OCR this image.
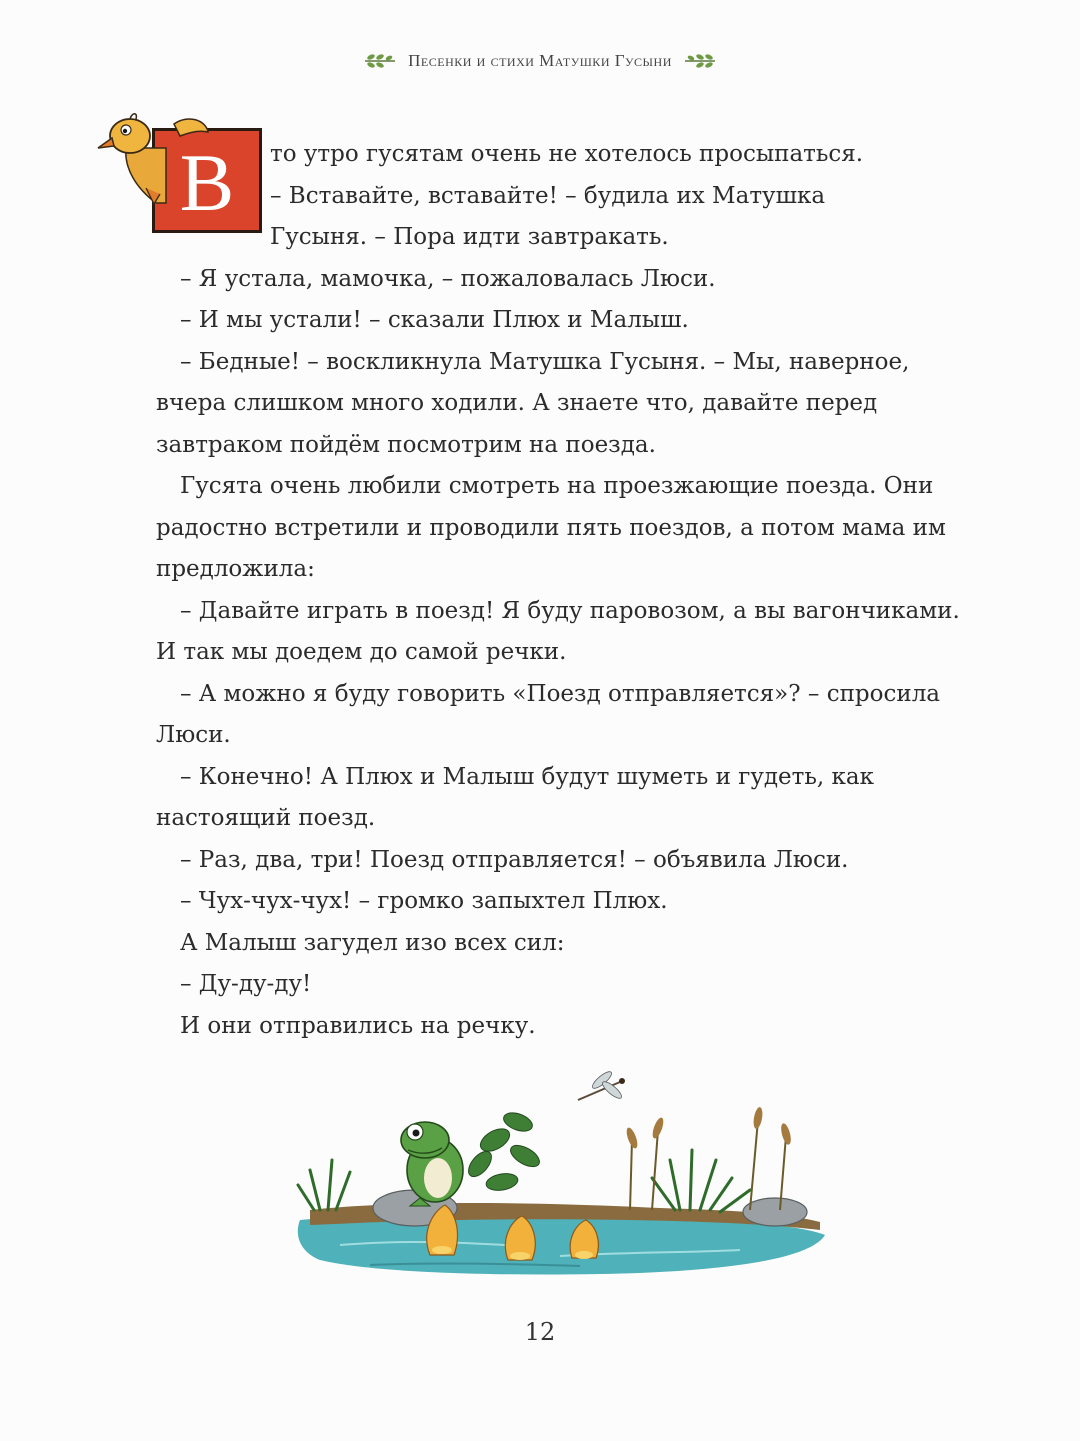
Песенки и стихи Матушки Гусыни
В	то утро гусятам очень не хотелось просыпаться.

– Вставайте, вставайте! – будила их Матушка

Гусыня. – Пора идти завтракать.

– Я устала, мамочка, – пожаловалась Люси.

– И мы устали! – сказали Плюх и Малыш.

– Бедные! – воскликнула Матушка Гусыня. – Мы, наверное, вчера слишком много ходили. А знаете что, давайте перед завтраком пойдём посмотрим на поезда.

Гусята очень любили смотреть на проезжающие поезда. Они радостно встретили и проводили пять поездов, а потом мама им предложила:

– Давайте играть в поезд! Я буду паровозом, а вы вагончиками. И так мы доедем до самой речки.

– А можно я буду говорить «Поезд отправляется»? – спросила Люси.

– Конечно! А Плюх и Малыш будут шуметь и гудеть, как настоящий поезд.

– Раз, два, три! Поезд отправляется! – объявила Люси.

– Чух-чух-чух! – громко запыхтел Плюх.

А Малыш загудел изо всех сил:

– Ду-ду-ду!

И они отправились на речку.

12
